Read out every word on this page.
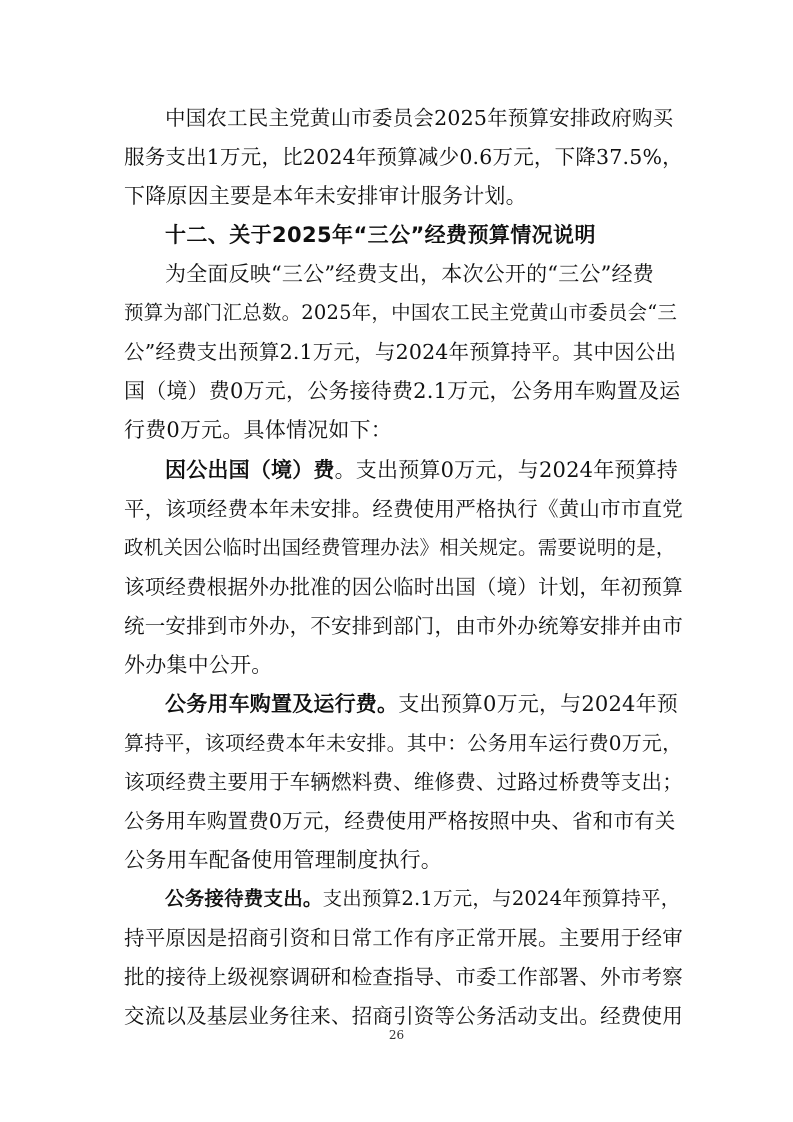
中国农工民主党黄山市委员会2025年预算安排政府购买
服务支出1万元，比2024年预算减少0.6万元，下降37.5%，
下降原因主要是本年未安排审计服务计划。
十二、关于2025年“三公”经费预算情况说明
为全面反映“三公”经费支出，本次公开的“三公”经费
预算为部门汇总数。2025年，中国农工民主党黄山市委员会“三
公”经费支出预算2.1万元，与2024年预算持平。其中因公出
国（境）费0万元，公务接待费2.1万元，公务用车购置及运
行费0万元。具体情况如下：
因公出国（境）费。支出预算0万元，与2024年预算持
平，该项经费本年未安排。经费使用严格执行《黄山市市直党
政机关因公临时出国经费管理办法》相关规定。需要说明的是，
该项经费根据外办批准的因公临时出国（境）计划，年初预算
统一安排到市外办，不安排到部门，由市外办统筹安排并由市
外办集中公开。
公务用车购置及运行费。支出预算0万元，与2024年预
算持平，该项经费本年未安排。其中：公务用车运行费0万元，
该项经费主要用于车辆燃料费、维修费、过路过桥费等支出；
公务用车购置费0万元，经费使用严格按照中央、省和市有关
公务用车配备使用管理制度执行。
公务接待费支出。支出预算2.1万元，与2024年预算持平，
持平原因是招商引资和日常工作有序正常开展。主要用于经审
批的接待上级视察调研和检查指导、市委工作部署、外市考察
交流以及基层业务往来、招商引资等公务活动支出。经费使用
26
